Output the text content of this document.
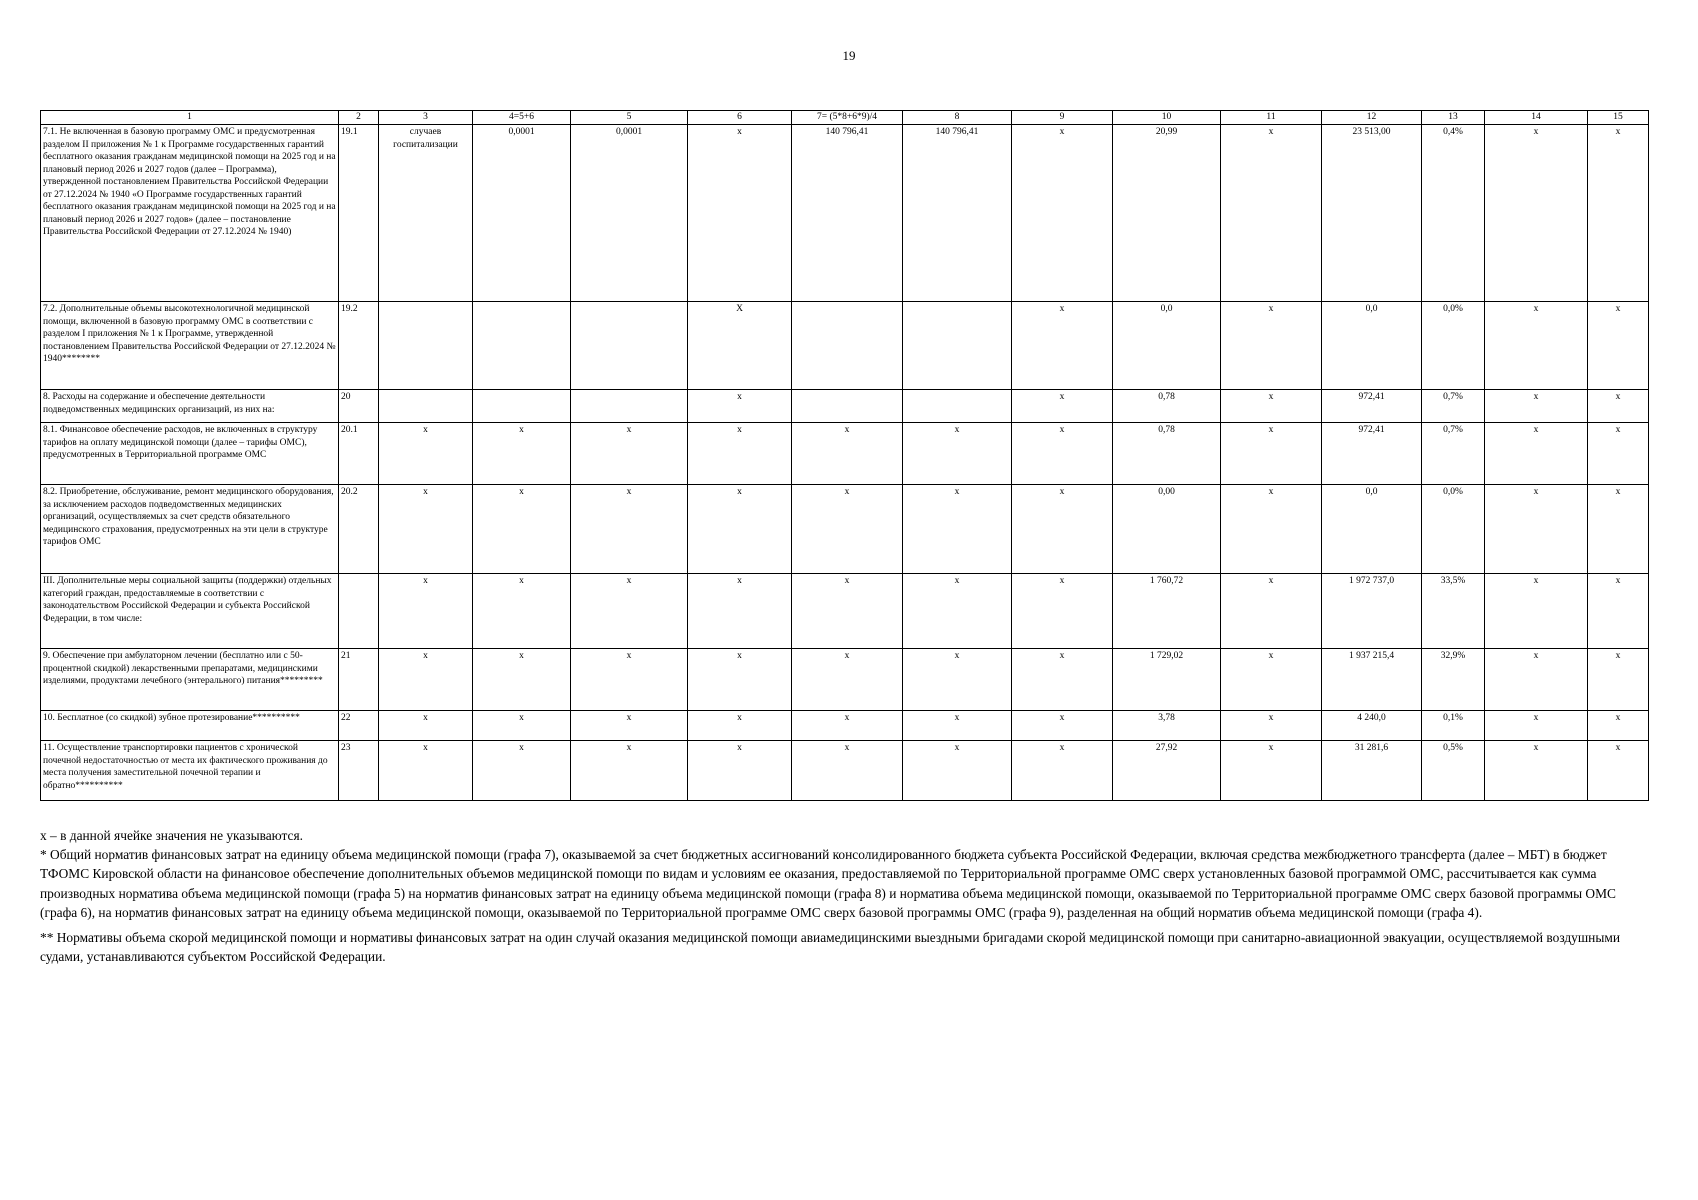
19
1	2	3	4=5+6	5	6	7= (5*8+6*9)/4	8	9	10	11	12	13	14	15
7.1. Не включенная в базовую программу ОМС и предусмотренная разделом II приложения № 1 к Программе государственных гарантий бесплатного оказания гражданам медицинской помощи на 2025 год и на плановый период 2026 и 2027 годов (далее – Программа), утвержденной постановлением Правительства Российской Федерации от 27.12.2024 № 1940 «О Программе государственных гарантий бесплатного оказания гражданам медицинской помощи на 2025 год и на плановый период 2026 и 2027 годов» (далее – постановление Правительства Российской Федерации от 27.12.2024 № 1940)	19.1	случаев госпитализации	0,0001	0,0001	x	140 796,41	140 796,41	x	20,99	x	23 513,00	0,4%	x	x
7.2. Дополнительные объемы высокотехнологичной медицинской помощи, включенной в базовую программу ОМС в соответствии с разделом I приложения № 1 к Программе, утвержденной постановлением Правительства Российской Федерации от 27.12.2024 № 1940********	19.2				X			x	0,0	x	0,0	0,0%	x	x
8. Расходы на содержание и обеспечение деятельности подведомственных медицинских организаций, из них на:	20				x			x	0,78	x	972,41	0,7%	x	x
8.1. Финансовое обеспечение расходов, не включенных в структуру тарифов на оплату медицинской помощи (далее – тарифы ОМС), предусмотренных в Территориальной программе ОМС	20.1	x	x	x	x	x	x	x	0,78	x	972,41	0,7%	x	x
8.2. Приобретение, обслуживание, ремонт медицинского оборудования, за исключением расходов подведомственных медицинских организаций, осуществляемых за счет средств обязательного медицинского страхования, предусмотренных на эти цели в структуре тарифов ОМС	20.2	x	x	x	x	x	x	x	0,00	x	0,0	0,0%	x	x
III. Дополнительные меры социальной защиты (поддержки) отдельных категорий граждан, предоставляемые в соответствии с законодательством Российской Федерации и субъекта Российской Федерации, в том числе:		x	x	x	x	x	x	x	1 760,72	x	1 972 737,0	33,5%	x	x
9. Обеспечение при амбулаторном лечении (бесплатно или с 50-процентной скидкой) лекарственными препаратами, медицинскими изделиями, продуктами лечебного (энтерального) питания*********	21	x	x	x	x	x	x	x	1 729,02	x	1 937 215,4	32,9%	x	x
10. Бесплатное (со скидкой) зубное протезирование**********	22	x	x	x	x	x	x	x	3,78	x	4 240,0	0,1%	x	x
11. Осуществление транспортировки пациентов с хронической почечной недостаточностью от места их фактического проживания до места получения заместительной почечной терапии и обратно**********	23	x	x	x	x	x	x	x	27,92	x	31 281,6	0,5%	x	x

x – в данной ячейке значения не указываются.

* Общий норматив финансовых затрат на единицу объема медицинской помощи (графа 7), оказываемой за счет бюджетных ассигнований консолидированного бюджета субъекта Российской Федерации, включая средства межбюджетного трансферта (далее – МБТ) в бюджет ТФОМС Кировской области на финансовое обеспечение дополнительных объемов медицинской помощи по видам и условиям ее оказания, предоставляемой по Территориальной программе ОМС сверх установленных базовой программой ОМС, рассчитывается как сумма производных норматива объема медицинской помощи (графа 5) на норматив финансовых затрат на единицу объема медицинской помощи (графа 8) и норматива объема медицинской помощи, оказываемой по Территориальной программе ОМС сверх базовой программы ОМС (графа 6), на норматив финансовых затрат на единицу объема медицинской помощи, оказываемой по Территориальной программе ОМС сверх базовой программы ОМС (графа 9), разделенная на общий норматив объема медицинской помощи (графа 4).

** Нормативы объема скорой медицинской помощи и нормативы финансовых затрат на один случай оказания медицинской помощи авиамедицинскими выездными бригадами скорой медицинской помощи при санитарно-авиационной эвакуации, осуществляемой воздушными судами, устанавливаются субъектом Российской Федерации.
